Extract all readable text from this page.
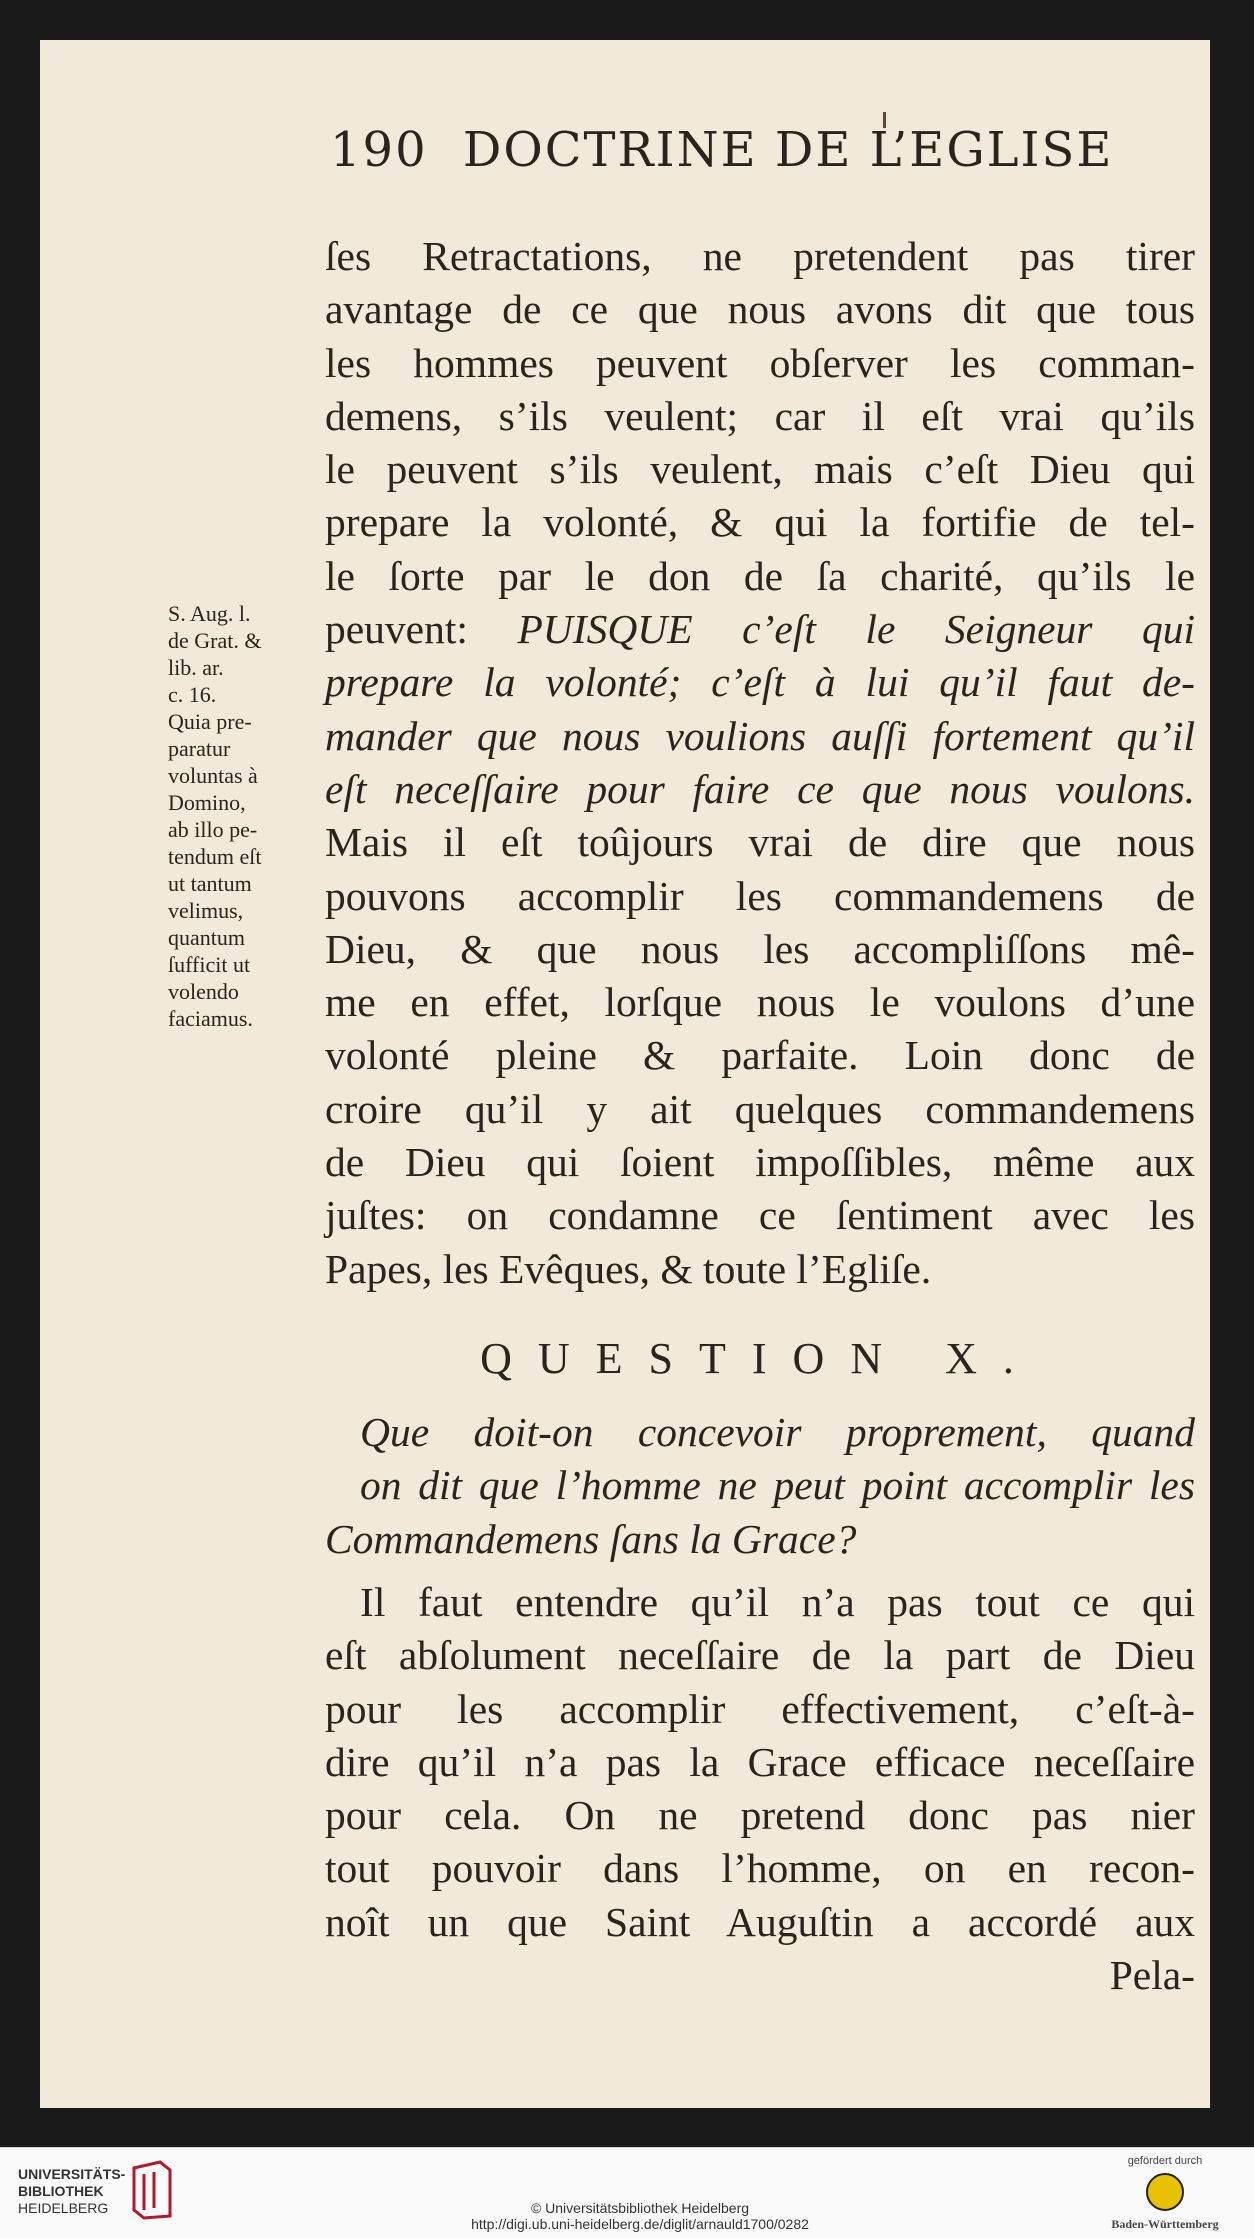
190 DOCTRINE DE L’EGLISE
ſes Retractations, ne pretendent pas tirer
avantage de ce que nous avons dit que tous
les hommes peuvent obſerver les comman-
demens, s’ils veulent; car il eſt vrai qu’ils
le peuvent s’ils veulent, mais c’eſt Dieu qui
prepare la volonté, & qui la fortifie de tel-
le ſorte par le don de ſa charité, qu’ils le
peuvent: PUISQUE c’eſt le Seigneur qui
prepare la volonté; c’eſt à lui qu’il faut de-
mander que nous voulions auſſi fortement qu’il
eſt neceſſaire pour faire ce que nous voulons.
Mais il eſt toûjours vrai de dire que nous
pouvons accomplir les commandemens de
Dieu, & que nous les accompliſſons mê-
me en effet, lorſque nous le voulons d’une
volonté pleine & parfaite. Loin donc de
croire qu’il y ait quelques commandemens
de Dieu qui ſoient impoſſibles, même aux
juſtes: on condamne ce ſentiment avec les
Papes, les Evêques, & toute l’Egliſe.
S. Aug. l.
de Grat. &
lib. ar.
c. 16.
Quia pre-
paratur
voluntas à
Domino,
ab illo pe-
tendum eſt
ut tantum
velimus,
quantum
ſufficit ut
volendo
faciamus.
QUESTION X.
Que doit-on concevoir proprement, quand
on dit que l’homme ne peut point accomplir les
Commandemens ſans la Grace?
Il faut entendre qu’il n’a pas tout ce qui
eſt abſolument neceſſaire de la part de Dieu
pour les accomplir effectivement, c’eſt-à-
dire qu’il n’a pas la Grace efficace neceſſaire
pour cela. On ne pretend donc pas nier
tout pouvoir dans l’homme, on en recon-
noît un que Saint Auguſtin a accordé aux
Pela-
UNIVERSITÄTS-
BIBLIOTHEK
HEIDELBERG	© Universitätsbibliothek Heidelberg
http://digi.ub.uni-heidelberg.de/diglit/arnauld1700/0282
gefördert durch
Baden-Württemberg
